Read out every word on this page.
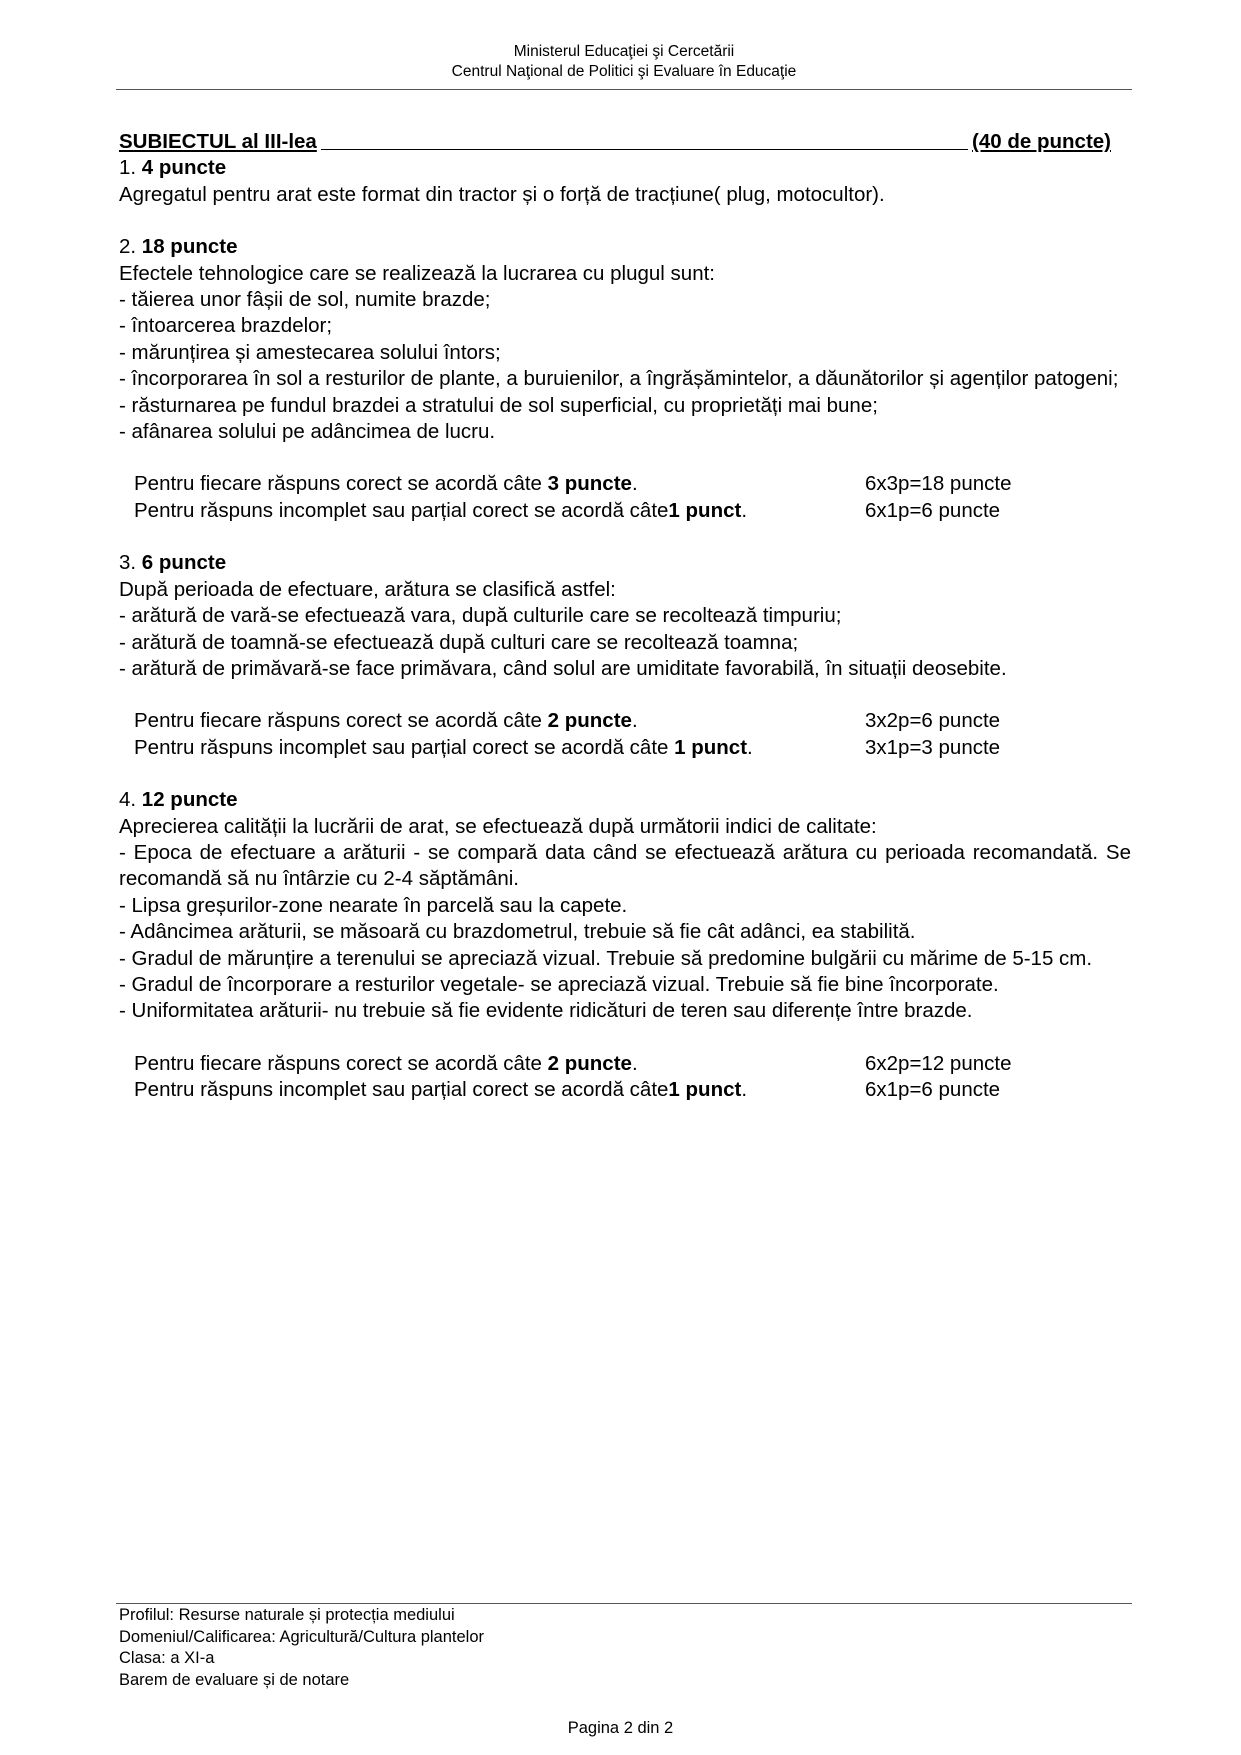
Ministerul Educaţiei şi Cercetării
Centrul Naţional de Politici şi Evaluare în Educaţie
SUBIECTUL al III-lea	(40 de puncte)

1. 4 puncte

Agregatul pentru arat este format din tractor și o forță de tracțiune( plug, motocultor).

2. 18 puncte

Efectele tehnologice care se realizează la lucrarea cu plugul sunt:

- tăierea unor fâșii de sol, numite brazde;

- întoarcerea brazdelor;

- mărunțirea și amestecarea solului întors;

- încorporarea în sol a resturilor de plante, a buruienilor, a îngrășămintelor, a dăunătorilor și agenților patogeni;

- răsturnarea pe fundul brazdei a stratului de sol superficial, cu proprietăți mai bune;

- afânarea solului pe adâncimea de lucru.

Pentru fiecare răspuns corect se acordă câte 3 puncte.	6x3p=18 puncte
Pentru răspuns incomplet sau parțial corect se acordă câte1 punct.	6x1p=6 puncte

3. 6 puncte

După perioada de efectuare, arătura se clasifică astfel:

- arătură de vară-se efectuează vara, după culturile care se recoltează timpuriu;

- arătură de toamnă-se efectuează după culturi care se recoltează toamna;

- arătură de primăvară-se face primăvara, când solul are umiditate favorabilă, în situații deosebite.

Pentru fiecare răspuns corect se acordă câte 2 puncte.	3x2p=6 puncte
Pentru răspuns incomplet sau parțial corect se acordă câte 1 punct.	3x1p=3 puncte

4. 12 puncte

Aprecierea calității la lucrării de arat, se efectuează după următorii indici de calitate:

- Epoca de efectuare a arăturii - se compară data când se efectuează arătura cu perioada recomandată. Se recomandă să nu întârzie cu 2-4 săptămâni.

- Lipsa greșurilor-zone nearate în parcelă sau la capete.

- Adâncimea arăturii, se măsoară cu brazdometrul, trebuie să fie cât adânci, ea stabilită.

- Gradul de mărunțire a terenului se apreciază vizual. Trebuie să predomine bulgării cu mărime de 5-15 cm.

- Gradul de încorporare a resturilor vegetale- se apreciază vizual. Trebuie să fie bine încorporate.

- Uniformitatea arăturii- nu trebuie să fie evidente ridicături de teren sau diferențe între brazde.

Pentru fiecare răspuns corect se acordă câte 2 puncte.	6x2p=12 puncte
Pentru răspuns incomplet sau parțial corect se acordă câte1 punct.	6x1p=6 puncte
Profilul: Resurse naturale și protecția mediului
Domeniul/Calificarea: Agricultură/Cultura plantelor
Clasa: a XI-a
Barem de evaluare și de notare
Pagina 2 din 2
